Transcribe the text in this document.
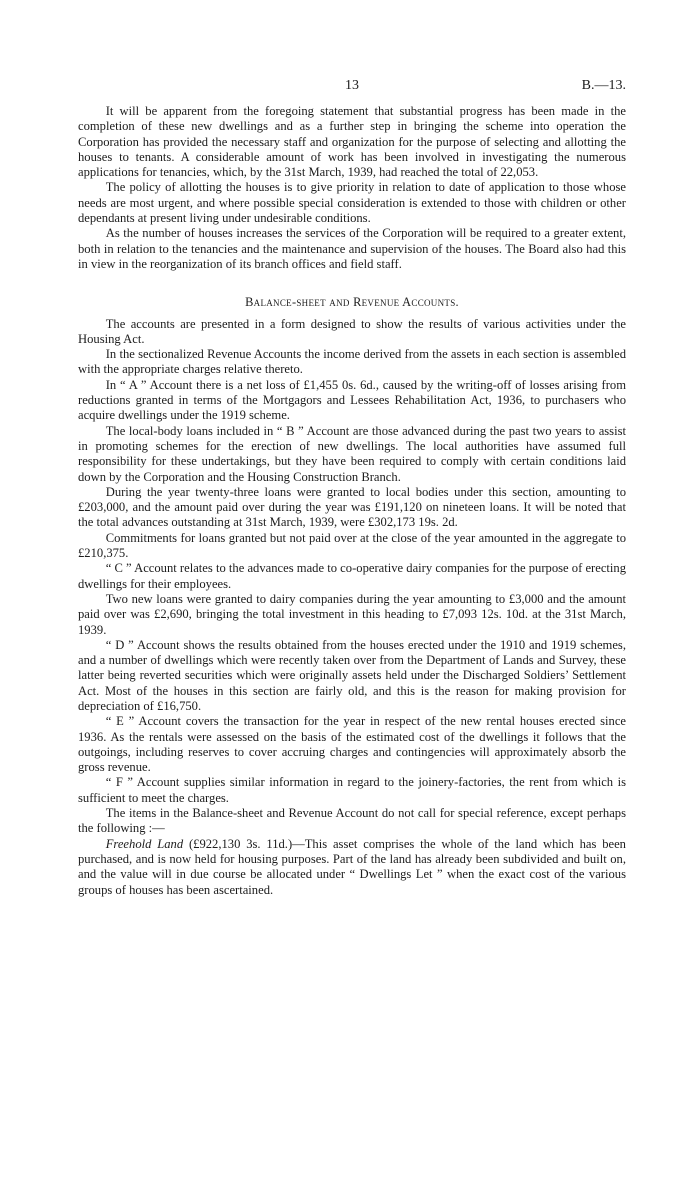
13	B.—13.

It will be apparent from the foregoing statement that substantial progress has been made in the completion of these new dwellings and as a further step in bringing the scheme into operation the Corporation has provided the necessary staff and organization for the purpose of selecting and allotting the houses to tenants. A considerable amount of work has been involved in investigating the numerous applications for tenancies, which, by the 31st March, 1939, had reached the total of 22,053.

The policy of allotting the houses is to give priority in relation to date of application to those whose needs are most urgent, and where possible special consideration is extended to those with children or other dependants at present living under undesirable conditions.

As the number of houses increases the services of the Corporation will be required to a greater extent, both in relation to the tenancies and the maintenance and supervision of the houses. The Board also had this in view in the reorganization of its branch offices and field staff.

Balance-sheet and Revenue Accounts.

The accounts are presented in a form designed to show the results of various activities under the Housing Act.

In the sectionalized Revenue Accounts the income derived from the assets in each section is assembled with the appropriate charges relative thereto.

In “ A ” Account there is a net loss of £1,455 0s. 6d., caused by the writing-off of losses arising from reductions granted in terms of the Mortgagors and Lessees Rehabilitation Act, 1936, to purchasers who acquire dwellings under the 1919 scheme.

The local-body loans included in “ B ” Account are those advanced during the past two years to assist in promoting schemes for the erection of new dwellings. The local authorities have assumed full responsibility for these undertakings, but they have been required to comply with certain conditions laid down by the Corporation and the Housing Construction Branch.

During the year twenty-three loans were granted to local bodies under this section, amounting to £203,000, and the amount paid over during the year was £191,120 on nineteen loans. It will be noted that the total advances outstanding at 31st March, 1939, were £302,173 19s. 2d.

Commitments for loans granted but not paid over at the close of the year amounted in the aggregate to £210,375.

“ C ” Account relates to the advances made to co-operative dairy companies for the purpose of erecting dwellings for their employees.

Two new loans were granted to dairy companies during the year amounting to £3,000 and the amount paid over was £2,690, bringing the total investment in this heading to £7,093 12s. 10d. at the 31st March, 1939.

“ D ” Account shows the results obtained from the houses erected under the 1910 and 1919 schemes, and a number of dwellings which were recently taken over from the Department of Lands and Survey, these latter being reverted securities which were originally assets held under the Discharged Soldiers’ Settlement Act. Most of the houses in this section are fairly old, and this is the reason for making provision for depreciation of £16,750.

“ E ” Account covers the transaction for the year in respect of the new rental houses erected since 1936. As the rentals were assessed on the basis of the estimated cost of the dwellings it follows that the outgoings, including reserves to cover accruing charges and contingencies will approximately absorb the gross revenue.

“ F ” Account supplies similar information in regard to the joinery-factories, the rent from which is sufficient to meet the charges.

The items in the Balance-sheet and Revenue Account do not call for special reference, except perhaps the following :—

Freehold Land (£922,130 3s. 11d.)—This asset comprises the whole of the land which has been purchased, and is now held for housing purposes. Part of the land has already been subdivided and built on, and the value will in due course be allocated under “ Dwellings Let ” when the exact cost of the various groups of houses has been ascertained.
